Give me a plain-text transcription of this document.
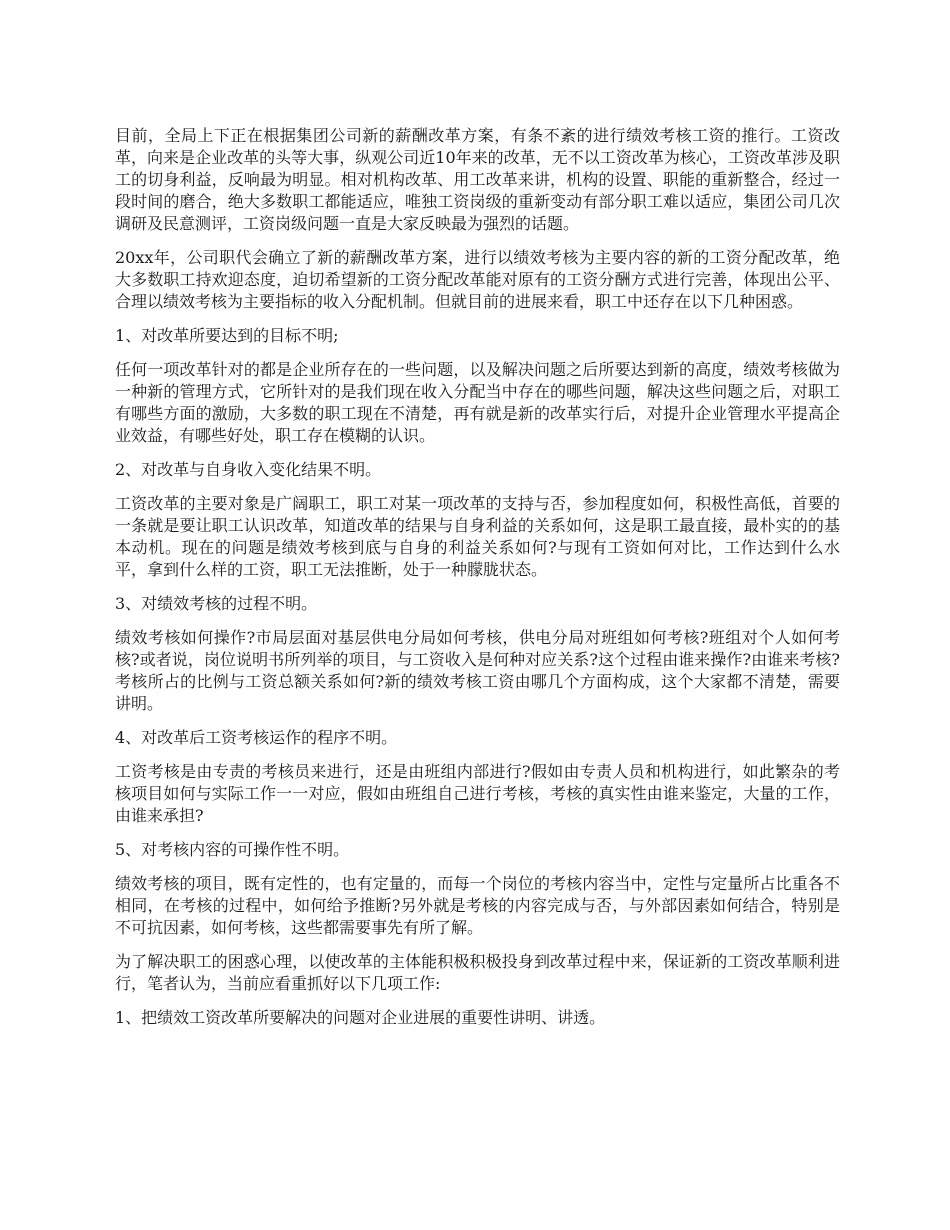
目前，全局上下正在根据集团公司新的薪酬改革方案，有条不紊的进行绩效考核工资的推行。工资改革，向来是企业改革的头等大事，纵观公司近10年来的改革，无不以工资改革为核心，工资改革涉及职工的切身利益，反响最为明显。相对机构改革、用工改革来讲，机构的设置、职能的重新整合，经过一段时间的磨合，绝大多数职工都能适应，唯独工资岗级的重新变动有部分职工难以适应，集团公司几次调研及民意测评，工资岗级问题一直是大家反映最为强烈的话题。

20xx年，公司职代会确立了新的薪酬改革方案，进行以绩效考核为主要内容的新的工资分配改革，绝大多数职工持欢迎态度，迫切希望新的工资分配改革能对原有的工资分酬方式进行完善，体现出公平、合理以绩效考核为主要指标的收入分配机制。但就目前的进展来看，职工中还存在以下几种困惑。

1、对改革所要达到的目标不明;

任何一项改革针对的都是企业所存在的一些问题，以及解决问题之后所要达到新的高度，绩效考核做为一种新的管理方式，它所针对的是我们现在收入分配当中存在的哪些问题，解决这些问题之后，对职工有哪些方面的激励，大多数的职工现在不清楚，再有就是新的改革实行后，对提升企业管理水平提高企业效益，有哪些好处，职工存在模糊的认识。

2、对改革与自身收入变化结果不明。

工资改革的主要对象是广阔职工，职工对某一项改革的支持与否，参加程度如何，积极性高低，首要的一条就是要让职工认识改革，知道改革的结果与自身利益的关系如何，这是职工最直接，最朴实的的基本动机。现在的问题是绩效考核到底与自身的利益关系如何?与现有工资如何对比，工作达到什么水平，拿到什么样的工资，职工无法推断，处于一种朦胧状态。

3、对绩效考核的过程不明。

绩效考核如何操作?市局层面对基层供电分局如何考核，供电分局对班组如何考核?班组对个人如何考核?或者说，岗位说明书所列举的项目，与工资收入是何种对应关系?这个过程由谁来操作?由谁来考核?考核所占的比例与工资总额关系如何?新的绩效考核工资由哪几个方面构成，这个大家都不清楚，需要讲明。

4、对改革后工资考核运作的程序不明。

工资考核是由专责的考核员来进行，还是由班组内部进行?假如由专责人员和机构进行，如此繁杂的考核项目如何与实际工作一一对应，假如由班组自己进行考核，考核的真实性由谁来鉴定，大量的工作，由谁来承担?

5、对考核内容的可操作性不明。

绩效考核的项目，既有定性的，也有定量的，而每一个岗位的考核内容当中，定性与定量所占比重各不相同，在考核的过程中，如何给予推断?另外就是考核的内容完成与否，与外部因素如何结合，特别是不可抗因素，如何考核，这些都需要事先有所了解。

为了解决职工的困惑心理，以使改革的主体能积极积极投身到改革过程中来，保证新的工资改革顺利进行，笔者认为，当前应看重抓好以下几项工作:

1、把绩效工资改革所要解决的问题对企业进展的重要性讲明、讲透。
